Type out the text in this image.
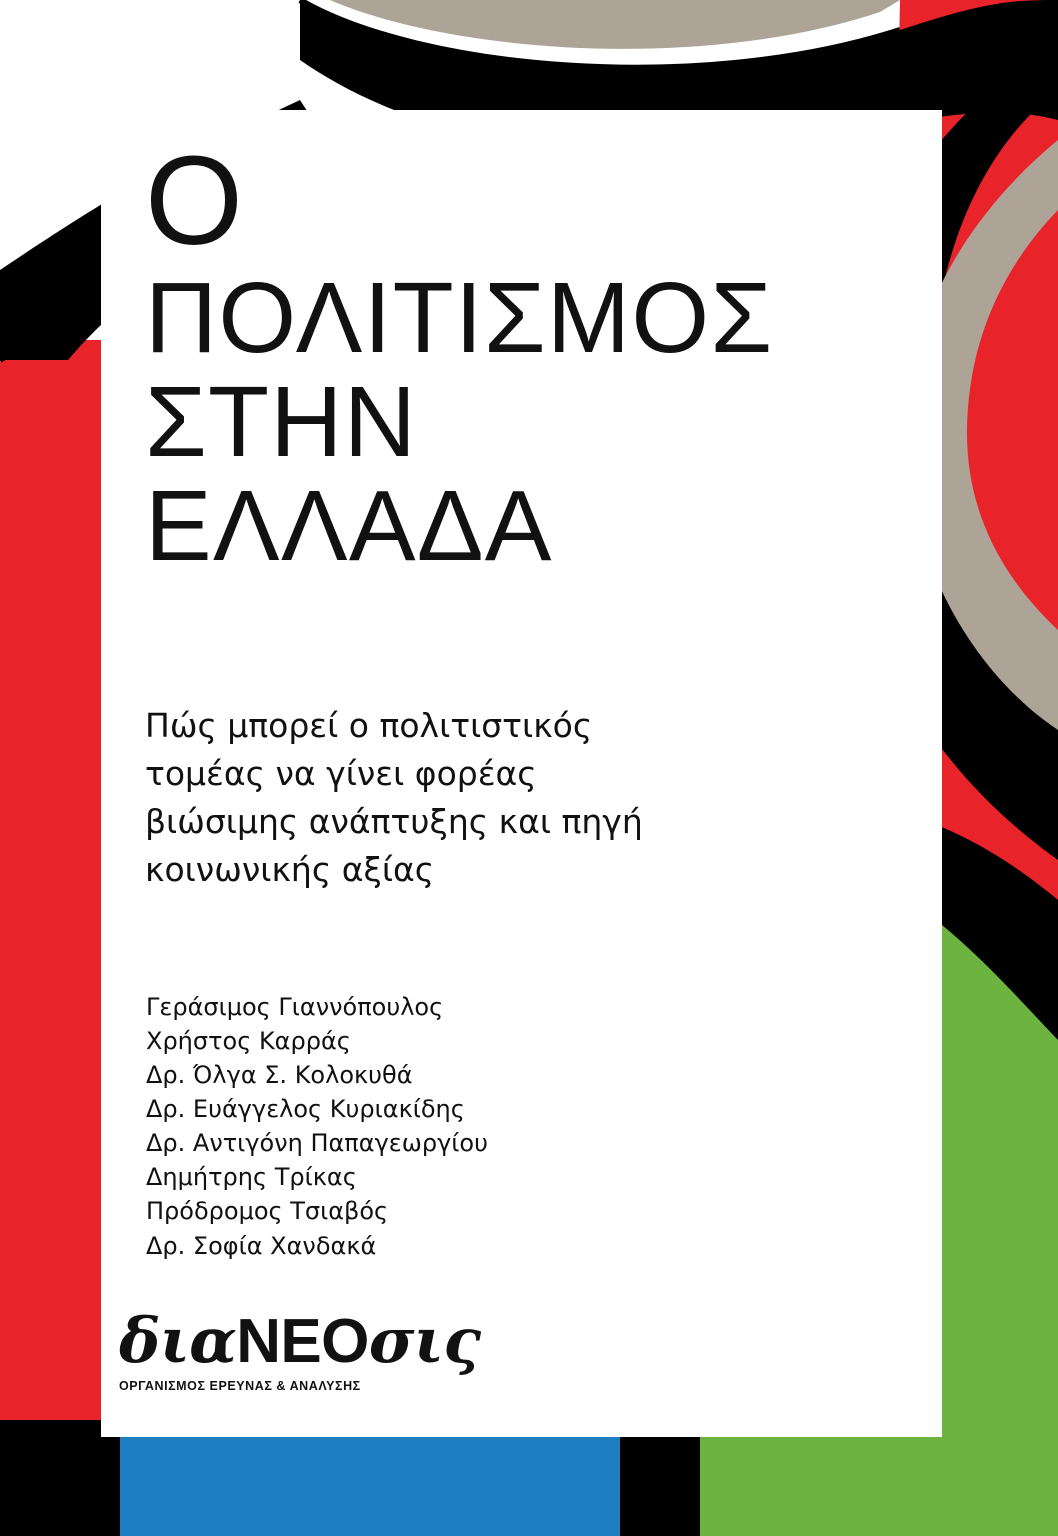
Ο
ΠΟΛΙΤΙΣΜΟΣ
ΣΤΗΝ
ΕΛΛΑΔΑ
Πώς μπορεί ο πολιτιστικός
τομέας να γίνει φορέας
βιώσιμης ανάπτυξης και πηγή
κοινωνικής αξίας
Γεράσιμος Γιαννόπουλος
Χρήστος Καρράς
Δρ. Όλγα Σ. Κολοκυθά
Δρ. Ευάγγελος Κυριακίδης
Δρ. Αντιγόνη Παπαγεωργίου
Δημήτρης Τρίκας
Πρόδρομος Τσιαβός
Δρ. Σοφία Χανδακά
διαΝΕΟσις
ΟΡΓΑΝΙΣΜΟΣ ΕΡΕΥΝΑΣ & ΑΝΑΛΥΣΗΣ
